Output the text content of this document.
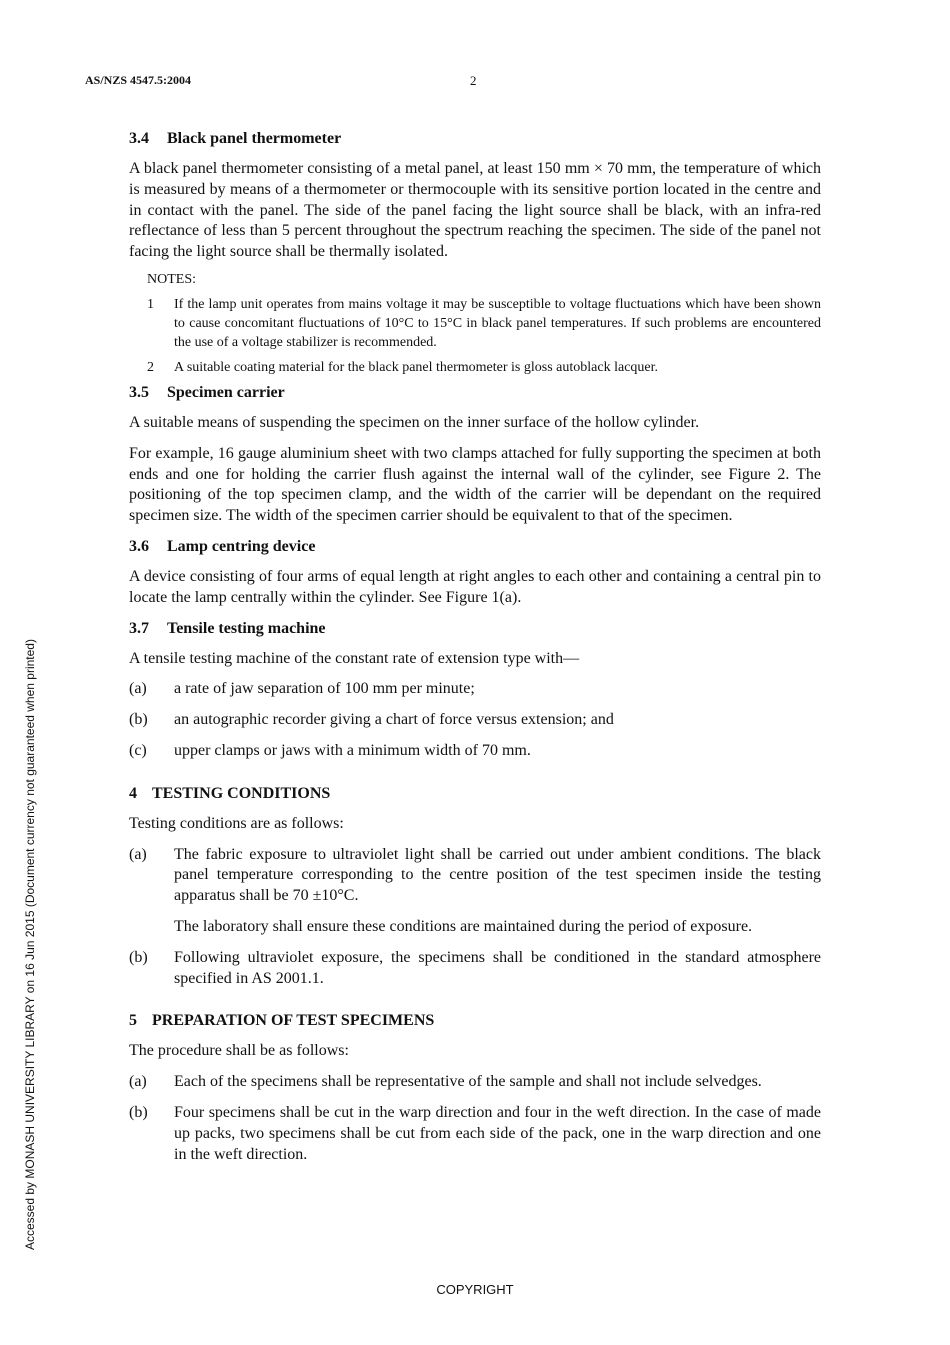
AS/NZS 4547.5:2004	2
Accessed by MONASH UNIVERSITY LIBRARY on 16 Jun 2015 (Document currency not guaranteed when printed)
3.4 Black panel thermometer

A black panel thermometer consisting of a metal panel, at least 150 mm × 70 mm, the temperature of which is measured by means of a thermometer or thermocouple with its sensitive portion located in the centre and in contact with the panel. The side of the panel facing the light source shall be black, with an infra-red reflectance of less than 5 percent throughout the spectrum reaching the specimen. The side of the panel not facing the light source shall be thermally isolated.

NOTES:
1	If the lamp unit operates from mains voltage it may be susceptible to voltage fluctuations which have been shown to cause concomitant fluctuations of 10°C to 15°C in black panel temperatures. If such problems are encountered the use of a voltage stabilizer is recommended.
2	A suitable coating material for the black panel thermometer is gloss autoblack lacquer.
3.5 Specimen carrier

A suitable means of suspending the specimen on the inner surface of the hollow cylinder.

For example, 16 gauge aluminium sheet with two clamps attached for fully supporting the specimen at both ends and one for holding the carrier flush against the internal wall of the cylinder, see Figure 2. The positioning of the top specimen clamp, and the width of the carrier will be dependant on the required specimen size. The width of the specimen carrier should be equivalent to that of the specimen.

3.6 Lamp centring device

A device consisting of four arms of equal length at right angles to each other and containing a central pin to locate the lamp centrally within the cylinder. See Figure 1(a).

3.7 Tensile testing machine

A tensile testing machine of the constant rate of extension type with—

(a)	a rate of jaw separation of 100 mm per minute;
(b)	an autographic recorder giving a chart of force versus extension; and
(c)	upper clamps or jaws with a minimum width of 70 mm.
4 TESTING CONDITIONS

Testing conditions are as follows:

(a)	The fabric exposure to ultraviolet light shall be carried out under ambient conditions. The black panel temperature corresponding to the centre position of the test specimen inside the testing apparatus shall be 70 ±10°C.

The laboratory shall ensure these conditions are maintained during the period of exposure.

(b)	Following ultraviolet exposure, the specimens shall be conditioned in the standard atmosphere specified in AS 2001.1.
5 PREPARATION OF TEST SPECIMENS

The procedure shall be as follows:

(a)	Each of the specimens shall be representative of the sample and shall not include selvedges.
(b)	Four specimens shall be cut in the warp direction and four in the weft direction. In the case of made up packs, two specimens shall be cut from each side of the pack, one in the warp direction and one in the weft direction.
COPYRIGHT
